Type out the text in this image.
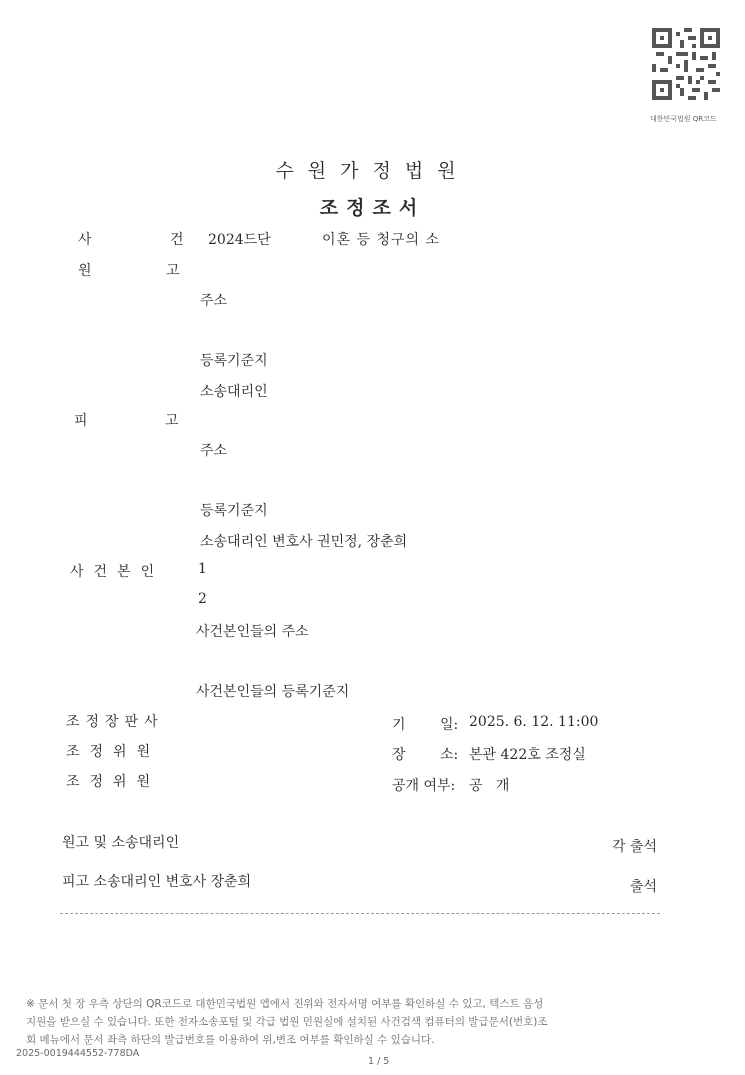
대한민국법원 QR코드
수원가정법원
조정조서
사	건 2024드단	이혼 등 청구의 소
원	고
주소
등록기준지
소송대리인
피	고
주소
등록기준지
소송대리인 변호사 권민정, 장춘희
사건본인 1
2
사건본인들의 주소
사건본인들의 등록기준지
조정장판사
조정위원
조정위원
기 일: 2025. 6. 12. 11:00
장 소: 본관 422호 조정실
공개 여부: 공   개
원고 및 소송대리인	각 출석
피고 소송대리인 변호사 장춘희	출석
※ 문서 첫 장 우측 상단의 QR코드로 대한민국법원 앱에서 진위와 전자서명 여부를 확인하실 수 있고, 텍스트 음성
지원을 받으실 수 있습니다. 또한 전자소송포털 및 각급 법원 민원실에 설치된 사건검색 컴퓨터의 발급문서(번호)조
회 메뉴에서 문서 좌측 하단의 발급번호를 이용하여 위,변조 여부를 확인하실 수 있습니다.
2025-0019444552-778DA
1 / 5
